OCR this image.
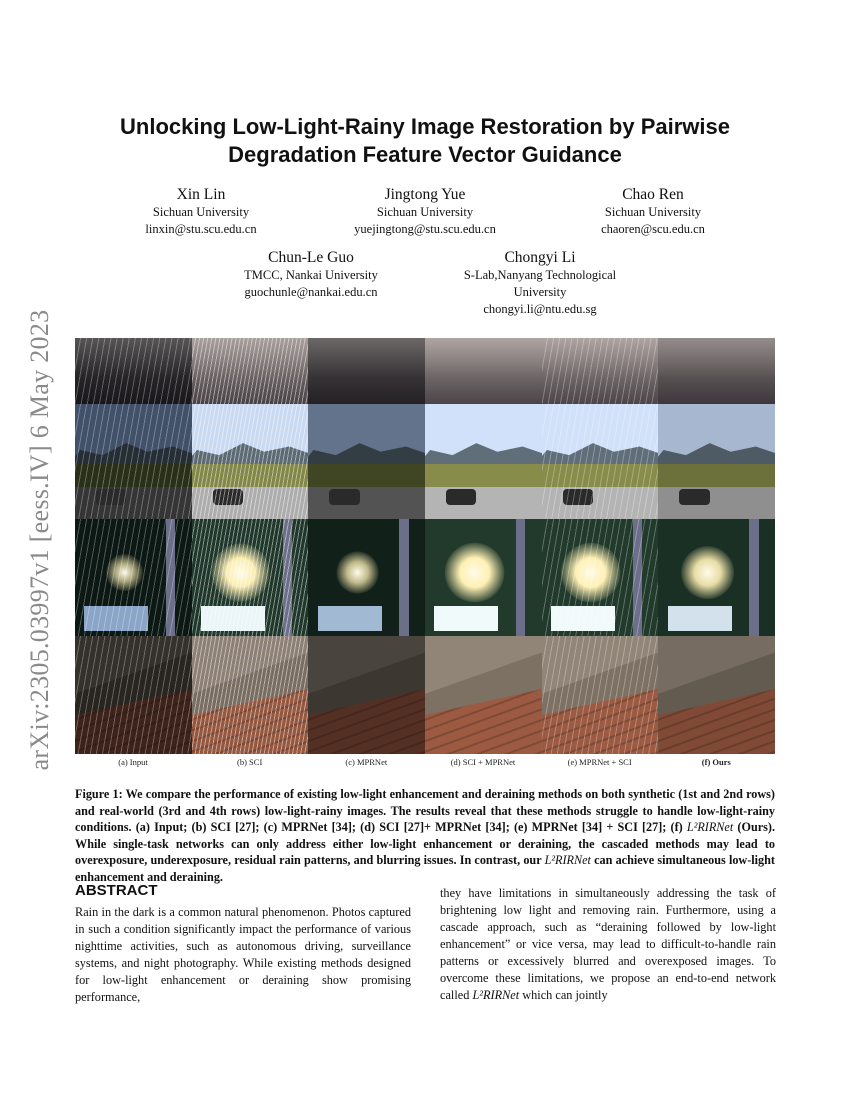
arXiv:2305.03997v1 [eess.IV] 6 May 2023
Unlocking Low-Light-Rainy Image Restoration by Pairwise Degradation Feature Vector Guidance
Xin Lin
Sichuan University
linxin@stu.scu.edu.cn
Jingtong Yue
Sichuan University
yuejingtong@stu.scu.edu.cn
Chao Ren
Sichuan University
chaoren@scu.edu.cn
Chun-Le Guo
TMCC, Nankai University
guochunle@nankai.edu.cn
Chongyi Li
S-Lab,Nanyang Technological University
chongyi.li@ntu.edu.sg
(a) Input	(b) SCI	(c) MPRNet	(d) SCI + MPRNet	(e) MPRNet + SCI	(f) Ours

Figure 1: We compare the performance of existing low-light enhancement and deraining methods on both synthetic (1st and 2nd rows) and real-world (3rd and 4th rows) low-light-rainy images. The results reveal that these methods struggle to handle low-light-rainy conditions. (a) Input; (b) SCI [27]; (c) MPRNet [34]; (d) SCI [27]+ MPRNet [34]; (e) MPRNet [34] + SCI [27]; (f) L²RIRNet (Ours). While single-task networks can only address either low-light enhancement or deraining, the cascaded methods may lead to overexposure, underexposure, residual rain patterns, and blurring issues. In contrast, our L²RIRNet can achieve simultaneous low-light enhancement and deraining.

ABSTRACT

Rain in the dark is a common natural phenomenon. Photos captured in such a condition significantly impact the performance of various nighttime activities, such as autonomous driving, surveillance systems, and night photography. While existing methods designed for low-light enhancement or deraining show promising performance,

they have limitations in simultaneously addressing the task of brightening low light and removing rain. Furthermore, using a cascade approach, such as “deraining followed by low-light enhancement” or vice versa, may lead to difficult-to-handle rain patterns or excessively blurred and overexposed images. To overcome these limitations, we propose an end-to-end network called L²RIRNet which can jointly
